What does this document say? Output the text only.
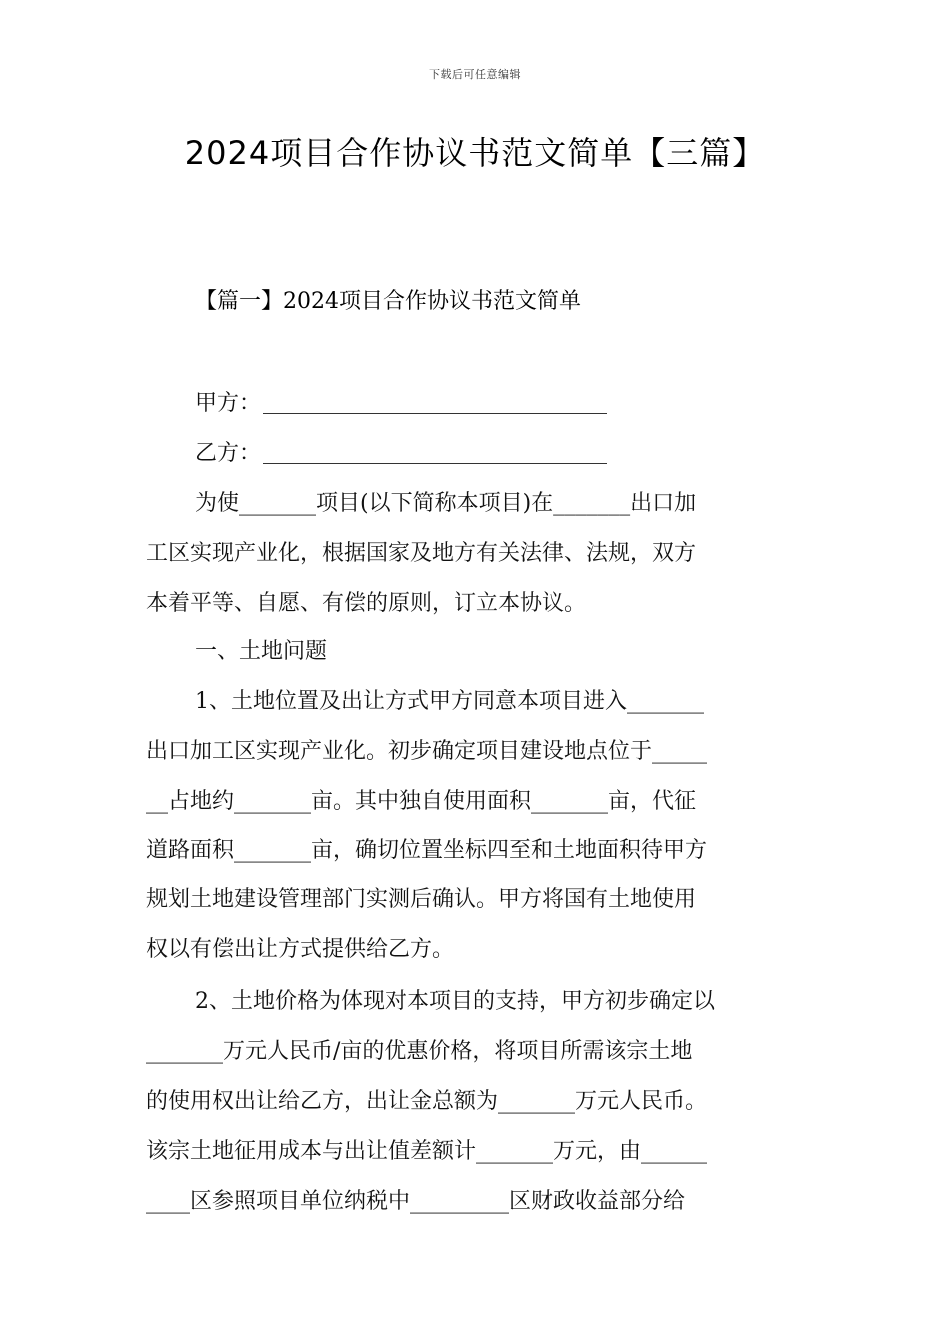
下载后可任意编辑
2024项目合作协议书范文简单【三篇】
【篇一】2024项目合作协议书范文简单
甲方：
乙方：
为使_______项目(以下简称本项目)在_______出口加
工区实现产业化，根据国家及地方有关法律、法规，双方
本着平等、自愿、有偿的原则，订立本协议。
一、土地问题
1、土地位置及出让方式甲方同意本项目进入_______
出口加工区实现产业化。初步确定项目建设地点位于_____
__占地约_______亩。其中独自使用面积_______亩，代征
道路面积_______亩，确切位置坐标四至和土地面积待甲方
规划土地建设管理部门实测后确认。甲方将国有土地使用
权以有偿出让方式提供给乙方。
2、土地价格为体现对本项目的支持，甲方初步确定以
_______万元人民币/亩的优惠价格，将项目所需该宗土地
的使用权出让给乙方，出让金总额为_______万元人民币。
该宗土地征用成本与出让值差额计_______万元，由______
____区参照项目单位纳税中_________区财政收益部分给
